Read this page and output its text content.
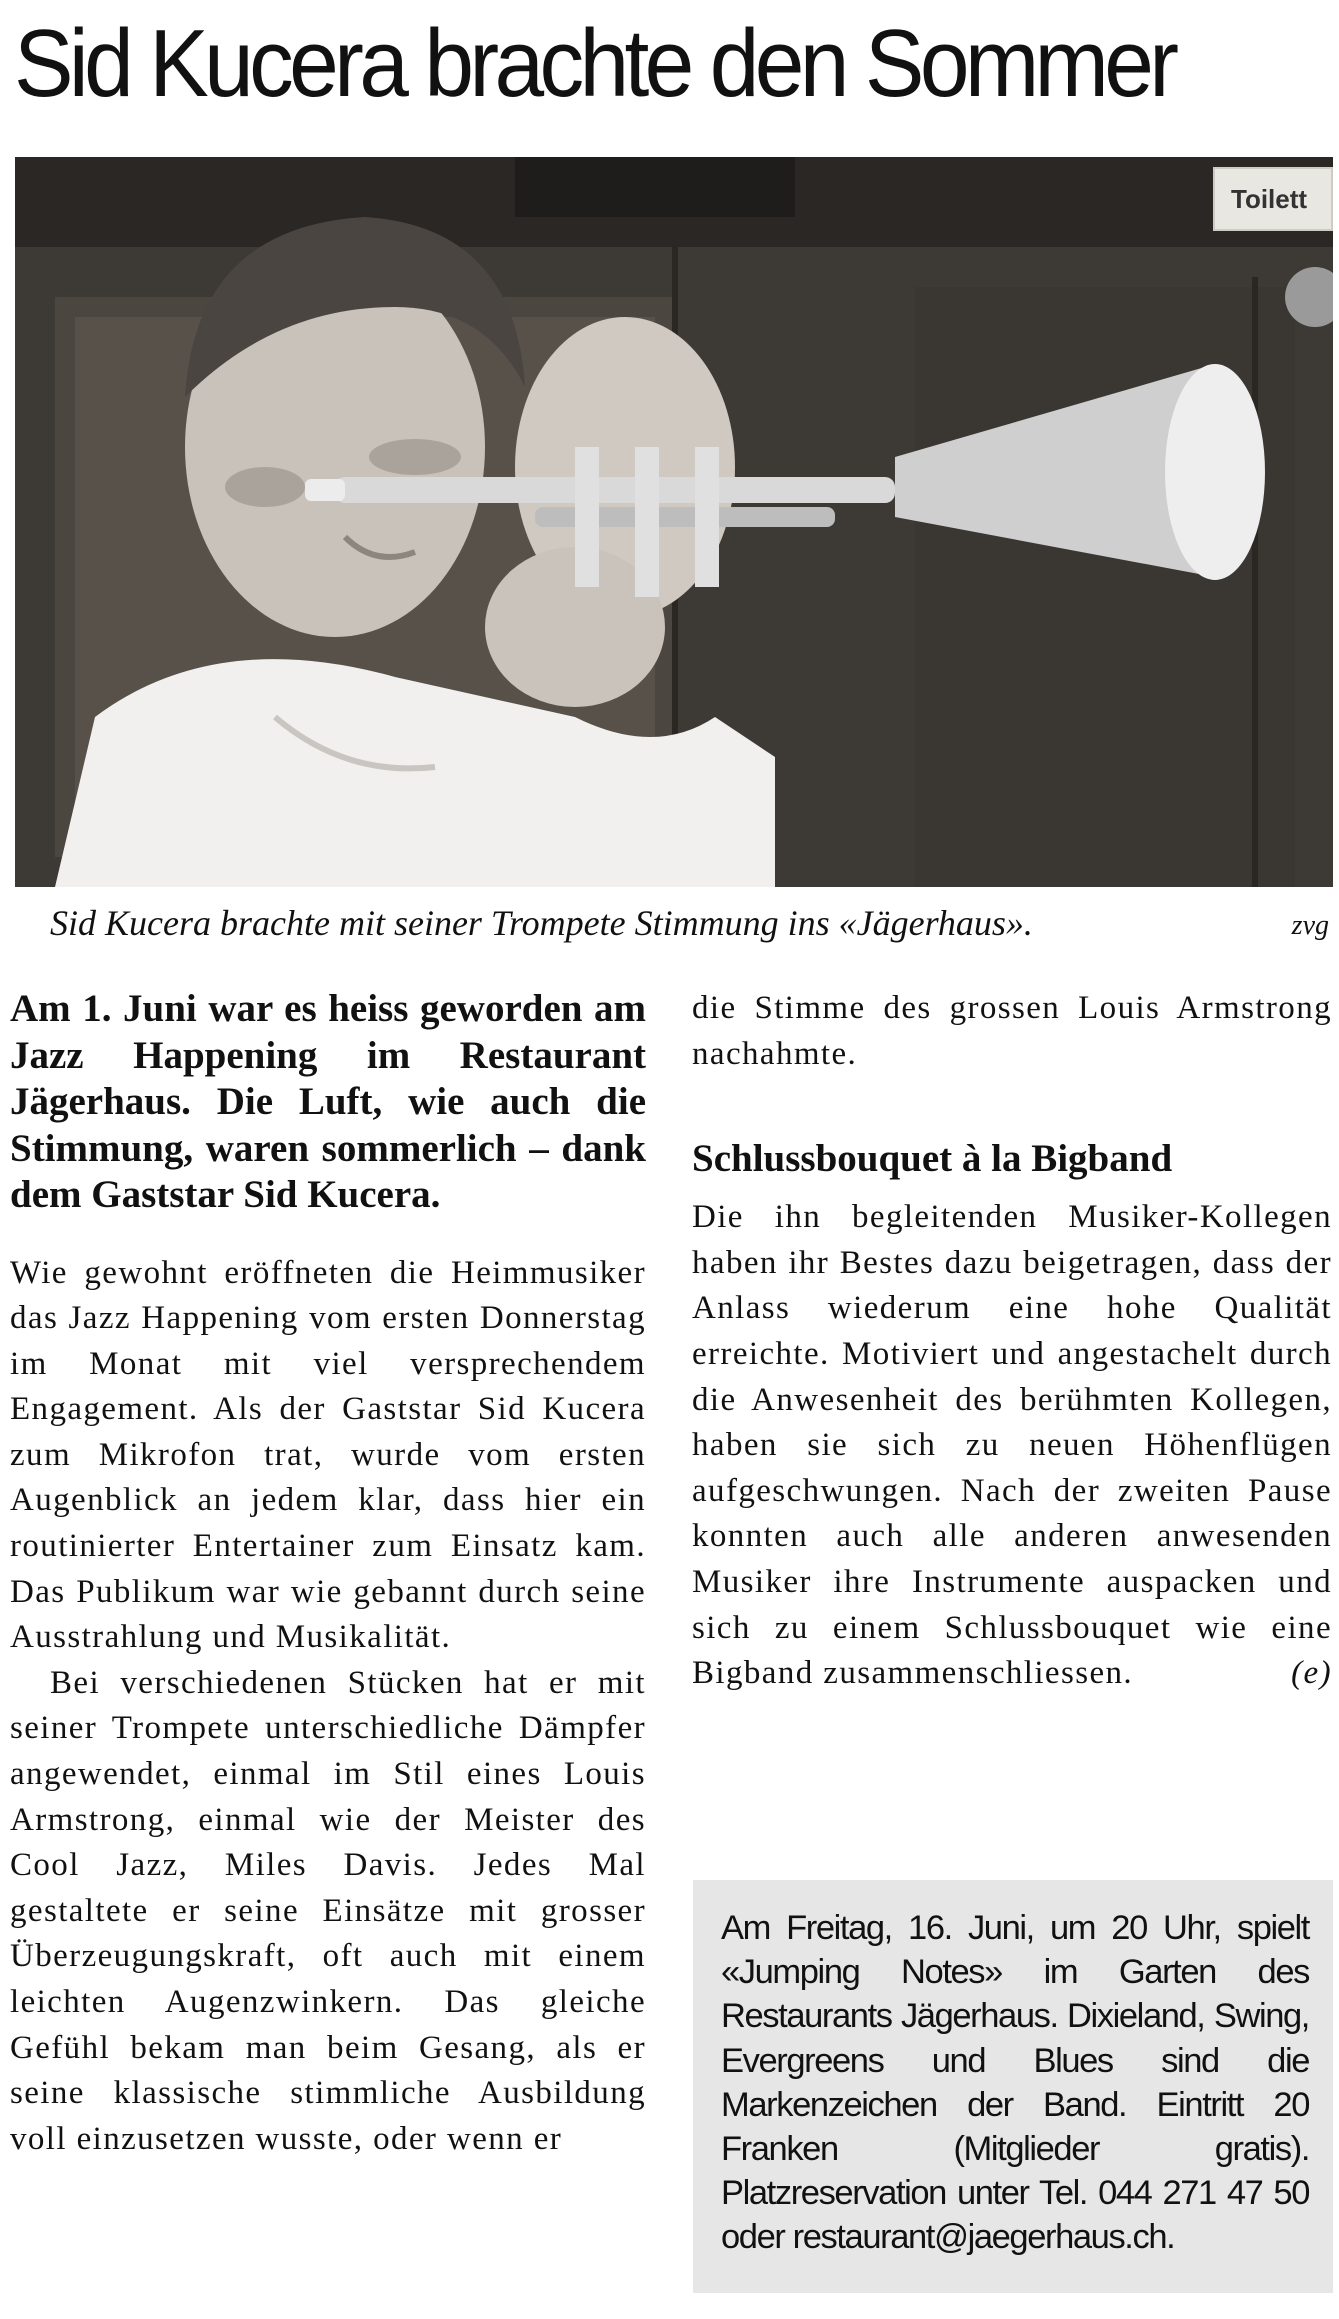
Sid Kucera brachte den Sommer
Toilett
Sid Kucera brachte mit seiner Trompete Stimmung ins «Jägerhaus».	zvg

Am 1. Juni war es heiss geworden am Jazz Happening im Restaurant Jägerhaus. Die Luft, wie auch die Stimmung, waren sommerlich – dank dem Gaststar Sid Kucera.

Wie gewohnt eröffneten die Heimmusiker das Jazz Happening vom ersten Donnerstag im Monat mit viel versprechendem Engagement. Als der Gaststar Sid Kucera zum Mikrofon trat, wurde vom ersten Augenblick an jedem klar, dass hier ein routinierter Entertainer zum Einsatz kam. Das Publikum war wie gebannt durch seine Ausstrahlung und Musikalität.

Bei verschiedenen Stücken hat er mit seiner Trompete unterschiedliche Dämpfer angewendet, einmal im Stil eines Louis Armstrong, einmal wie der Meister des Cool Jazz, Miles Davis. Jedes Mal gestaltete er seine Einsätze mit grosser Überzeugungskraft, oft auch mit einem leichten Augenzwinkern. Das gleiche Gefühl bekam man beim Gesang, als er seine klassische stimmliche Ausbildung voll einzusetzen wusste, oder wenn er

die Stimme des grossen Louis Armstrong nachahmte.

Schlussbouquet à la Bigband

Die ihn begleitenden Musiker-Kollegen haben ihr Bestes dazu beigetragen, dass der Anlass wiederum eine hohe Qualität erreichte. Motiviert und angestachelt durch die Anwesenheit des berühmten Kollegen, haben sie sich zu neuen Höhenflügen aufgeschwungen. Nach der zweiten Pause konnten auch alle anderen anwesenden Musiker ihre Instrumente auspacken und sich zu einem Schlussbouquet wie eine Bigband zusammenschliessen.	(e)

Am Freitag, 16. Juni, um 20 Uhr, spielt «Jumping Notes» im Garten des Restaurants Jägerhaus. Dixieland, Swing, Evergreens und Blues sind die Markenzeichen der Band. Eintritt 20 Franken (Mitglieder gratis). Platzreservation unter Tel. 044 271 47 50 oder restaurant@jaegerhaus.ch.
